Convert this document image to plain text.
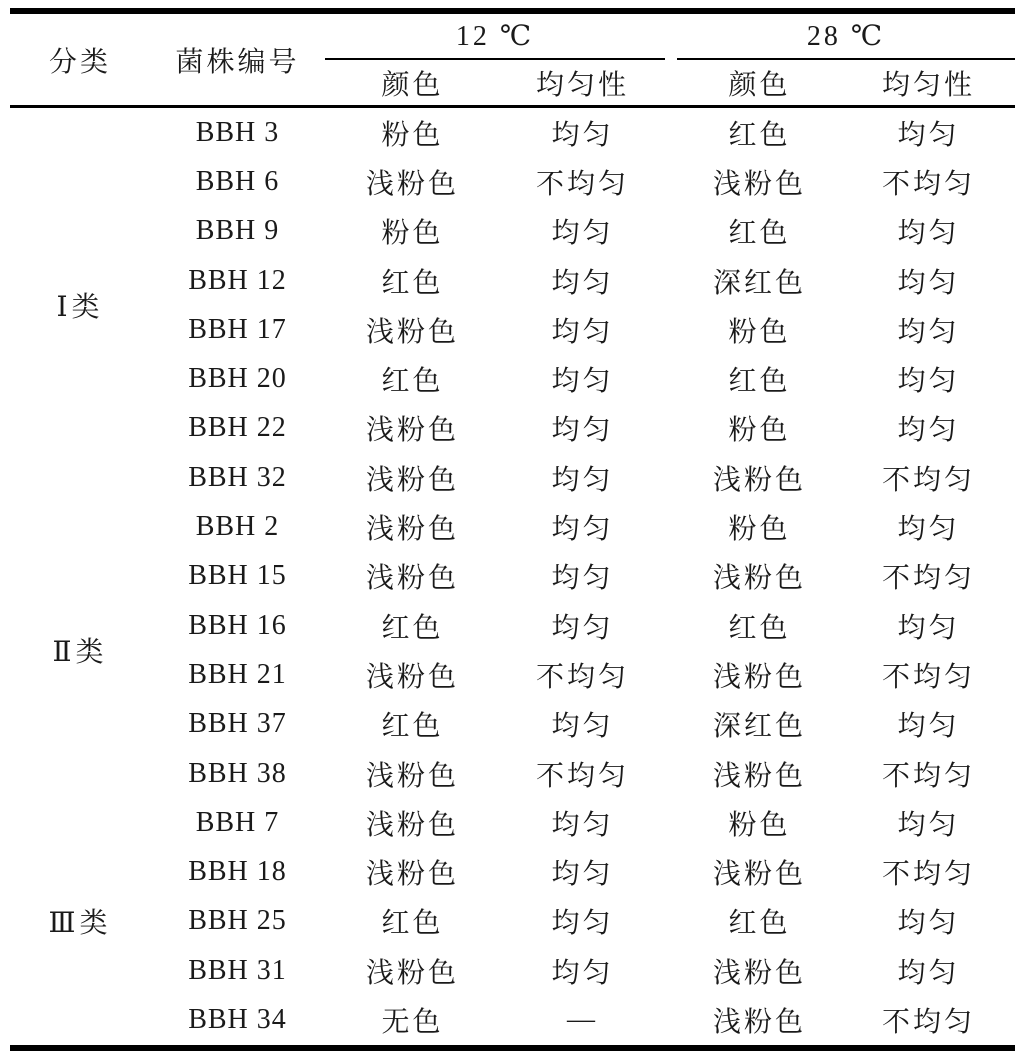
分类	菌株编号	12 ℃			28 ℃	
		颜色	均匀性		颜色	均匀性
Ⅰ类	BBH 3	粉色	均匀		红色	均匀
	BBH 6	浅粉色	不均匀		浅粉色	不均匀
	BBH 9	粉色	均匀		红色	均匀
	BBH 12	红色	均匀		深红色	均匀
	BBH 17	浅粉色	均匀		粉色	均匀
	BBH 20	红色	均匀		红色	均匀
	BBH 22	浅粉色	均匀		粉色	均匀
	BBH 32	浅粉色	均匀		浅粉色	不均匀
Ⅱ类	BBH 2	浅粉色	均匀		粉色	均匀
	BBH 15	浅粉色	均匀		浅粉色	不均匀
	BBH 16	红色	均匀		红色	均匀
	BBH 21	浅粉色	不均匀		浅粉色	不均匀
	BBH 37	红色	均匀		深红色	均匀
	BBH 38	浅粉色	不均匀		浅粉色	不均匀
Ⅲ类	BBH 7	浅粉色	均匀		粉色	均匀
	BBH 18	浅粉色	均匀		浅粉色	不均匀
	BBH 25	红色	均匀		红色	均匀
	BBH 31	浅粉色	均匀		浅粉色	均匀
	BBH 34	无色	—		浅粉色	不均匀
